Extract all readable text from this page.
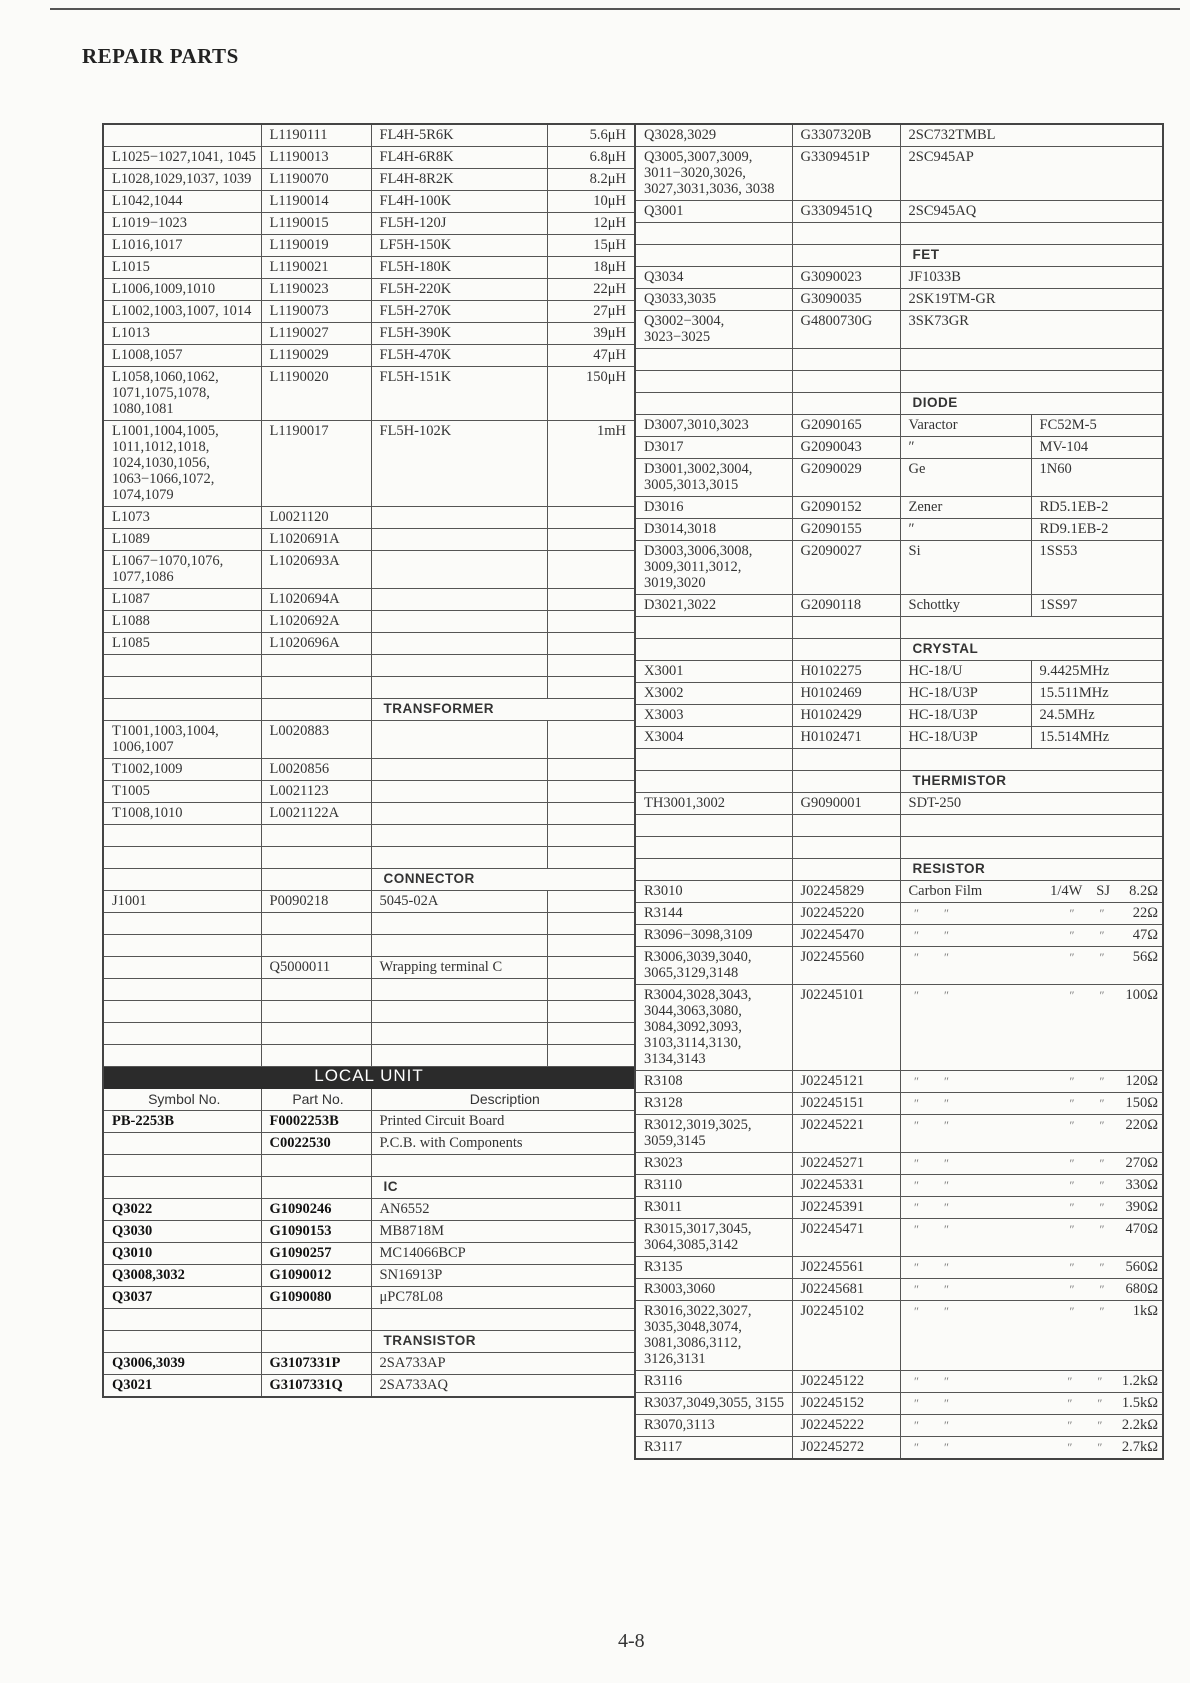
REPAIR PARTS
	L1190111	FL4H-5R6K	5.6μH
L1025−1027,1041, 1045	L1190013	FL4H-6R8K	6.8μH
L1028,1029,1037, 1039	L1190070	FL4H-8R2K	8.2μH
L1042,1044	L1190014	FL4H-100K	10μH
L1019−1023	L1190015	FL5H-120J	12μH
L1016,1017	L1190019	LF5H-150K	15μH
L1015	L1190021	FL5H-180K	18μH
L1006,1009,1010	L1190023	FL5H-220K	22μH
L1002,1003,1007, 1014	L1190073	FL5H-270K	27μH
L1013	L1190027	FL5H-390K	39μH
L1008,1057	L1190029	FL5H-470K	47μH
L1058,1060,1062, 1071,1075,1078, 1080,1081	L1190020	FL5H-151K	150μH
L1001,1004,1005, 1011,1012,1018, 1024,1030,1056, 1063−1066,1072, 1074,1079	L1190017	FL5H-102K	1mH
L1073	L0021120		
L1089	L1020691A		
L1067−1070,1076, 1077,1086	L1020693A		
L1087	L1020694A		
L1088	L1020692A		
L1085	L1020696A		

		TRANSFORMER	
T1001,1003,1004, 1006,1007	L0020883		
T1002,1009	L0020856		
T1005	L0021123		
T1008,1010	L0021122A		

		CONNECTOR	
J1001	P0090218	5045-02A	

	Q5000011	Wrapping terminal C	

LOCAL UNIT			
Symbol No.	Part No.	Description	
PB-2253B	F0002253B	Printed Circuit Board	
	C0022530	P.C.B. with Components	

		IC	
Q3022	G1090246	AN6552	
Q3030	G1090153	MB8718M	
Q3010	G1090257	MC14066BCP	
Q3008,3032	G1090012	SN16913P	
Q3037	G1090080	μPC78L08	

		TRANSISTOR	
Q3006,3039	G3107331P	2SA733AP	
Q3021	G3107331Q	2SA733AQ	
Q3028,3029	G3307320B	2SC732TMBL	
Q3005,3007,3009, 3011−3020,3026, 3027,3031,3036, 3038	G3309451P	2SC945AP	
Q3001	G3309451Q	2SC945AQ	

		FET	
Q3034	G3090023	JF1033B	
Q3033,3035	G3090035	2SK19TM-GR	
Q3002−3004, 3023−3025	G4800730G	3SK73GR	

		DIODE	
D3007,3010,3023	G2090165	Varactor	FC52M-5
D3017	G2090043	″	MV-104
D3001,3002,3004, 3005,3013,3015	G2090029	Ge	1N60
D3016	G2090152	Zener	RD5.1EB-2
D3014,3018	G2090155	″	RD9.1EB-2
D3003,3006,3008, 3009,3011,3012, 3019,3020	G2090027	Si	1SS53
D3021,3022	G2090118	Schottky	1SS97

		CRYSTAL	
X3001	H0102275	HC-18/U	9.4425MHz
X3002	H0102469	HC-18/U3P	15.511MHz
X3003	H0102429	HC-18/U3P	24.5MHz
X3004	H0102471	HC-18/U3P	15.514MHz

		THERMISTOR	
TH3001,3002	G9090001	SDT-250	

		RESISTOR	
R3010	J02245829	Carbon Film 1/4W SJ 8.2Ω	

R3144	J02245220	″ ″ ″ ″ 22Ω	

R3096−3098,3109	J02245470	″ ″ ″ ″ 47Ω	

R3006,3039,3040, 3065,3129,3148	J02245560	″ ″ ″ ″ 56Ω	

R3004,3028,3043, 3044,3063,3080, 3084,3092,3093, 3103,3114,3130, 3134,3143	J02245101	″ ″ ″ ″ 100Ω	

R3108	J02245121	″ ″ ″ ″ 120Ω	

R3128	J02245151	″ ″ ″ ″ 150Ω	

R3012,3019,3025, 3059,3145	J02245221	″ ″ ″ ″ 220Ω	

R3023	J02245271	″ ″ ″ ″ 270Ω	

R3110	J02245331	″ ″ ″ ″ 330Ω	

R3011	J02245391	″ ″ ″ ″ 390Ω	

R3015,3017,3045, 3064,3085,3142	J02245471	″ ″ ″ ″ 470Ω	

R3135	J02245561	″ ″ ″ ″ 560Ω	

R3003,3060	J02245681	″ ″ ″ ″ 680Ω	

R3016,3022,3027, 3035,3048,3074, 3081,3086,3112, 3126,3131	J02245102	″ ″ ″ ″ 1kΩ	

R3116	J02245122	″ ″ ″ ″ 1.2kΩ	

R3037,3049,3055, 3155	J02245152	″ ″ ″ ″ 1.5kΩ	

R3070,3113	J02245222	″ ″ ″ ″ 2.2kΩ	

R3117	J02245272	″ ″ ″ ″ 2.7kΩ	
4-8
